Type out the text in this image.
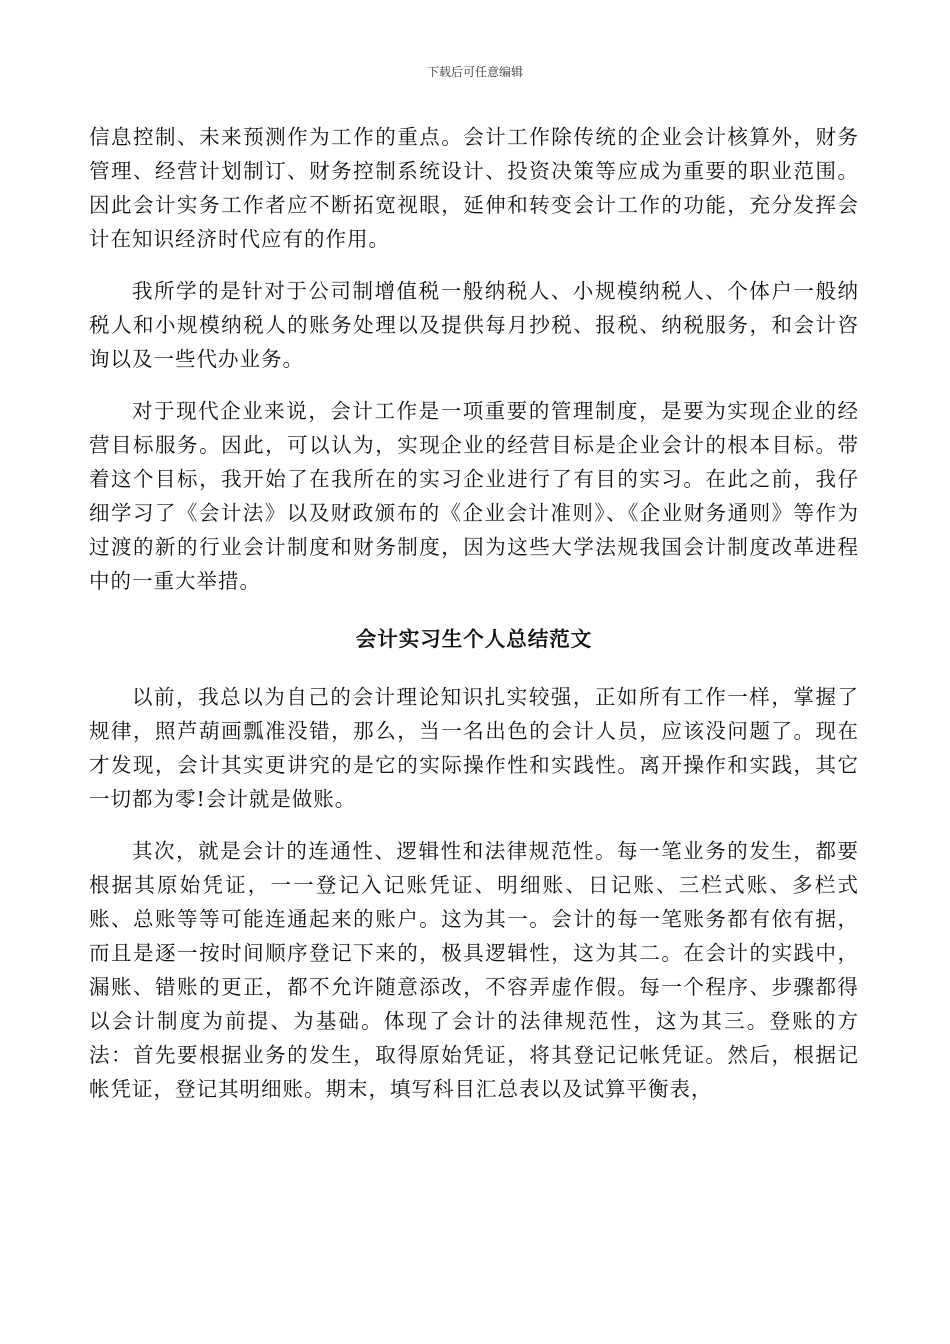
下载后可任意编辑

信息控制、未来预测作为工作的重点。会计工作除传统的企业会计核算外，财务管理、经营计划制订、财务控制系统设计、投资决策等应成为重要的职业范围。因此会计实务工作者应不断拓宽视眼，延伸和转变会计工作的功能，充分发挥会计在知识经济时代应有的作用。

我所学的是针对于公司制增值税一般纳税人、小规模纳税人、个体户一般纳税人和小规模纳税人的账务处理以及提供每月抄税、报税、纳税服务，和会计咨询以及一些代办业务。

对于现代企业来说，会计工作是一项重要的管理制度，是要为实现企业的经营目标服务。因此，可以认为，实现企业的经营目标是企业会计的根本目标。带着这个目标，我开始了在我所在的实习企业进行了有目的实习。在此之前，我仔细学习了《会计法》以及财政颁布的《企业会计准则》、《企业财务通则》等作为过渡的新的行业会计制度和财务制度，因为这些大学法规我国会计制度改革进程中的一重大举措。

会计实习生个人总结范文

以前，我总以为自己的会计理论知识扎实较强，正如所有工作一样，掌握了规律，照芦葫画瓢准没错，那么，当一名出色的会计人员，应该没问题了。现在才发现，会计其实更讲究的是它的实际操作性和实践性。离开操作和实践，其它一切都为零!会计就是做账。

其次，就是会计的连通性、逻辑性和法律规范性。每一笔业务的发生，都要根据其原始凭证，一一登记入记账凭证、明细账、日记账、三栏式账、多栏式账、总账等等可能连通起来的账户。这为其一。会计的每一笔账务都有依有据，而且是逐一按时间顺序登记下来的，极具逻辑性，这为其二。在会计的实践中，漏账、错账的更正，都不允许随意添改，不容弄虚作假。每一个程序、步骤都得以会计制度为前提、为基础。体现了会计的法律规范性，这为其三。登账的方法：首先要根据业务的发生，取得原始凭证，将其登记记帐凭证。然后，根据记帐凭证，登记其明细账。期末，填写科目汇总表以及试算平衡表，
